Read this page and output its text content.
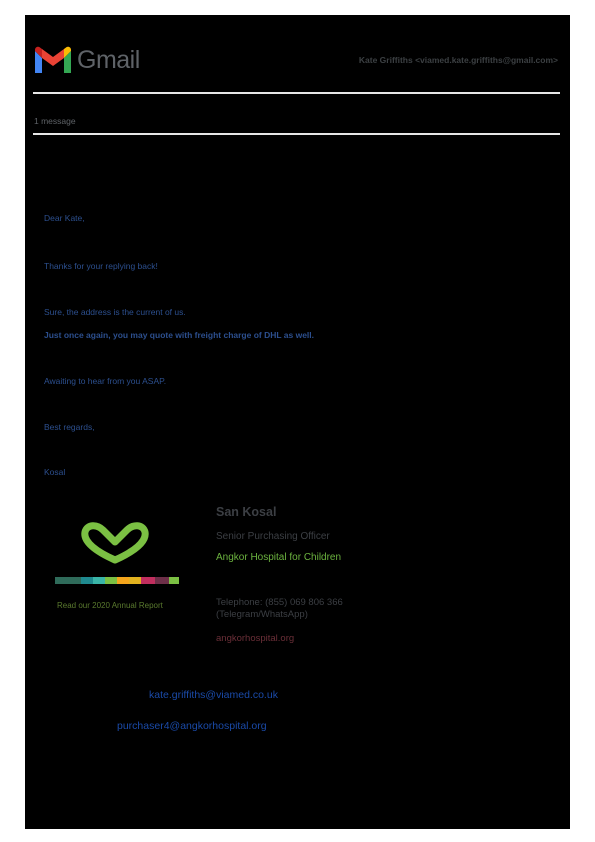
Gmail	Kate Griffiths <viamed.kate.griffiths@gmail.com>
1 message
Dear Kate,
Thanks for your replying back!
Sure, the address is the current of us.
Just once again, you may quote with freight charge of DHL as well.
Awaiting to hear from you ASAP.
Best regards,
Kosal
Read our 2020 Annual Report
San Kosal
Senior Purchasing Officer
Angkor Hospital for Children
Telephone: (855) 069 806 366
(Telegram/WhatsApp)
angkorhospital.org
kate.griffiths@viamed.co.uk
purchaser4@angkorhospital.org
